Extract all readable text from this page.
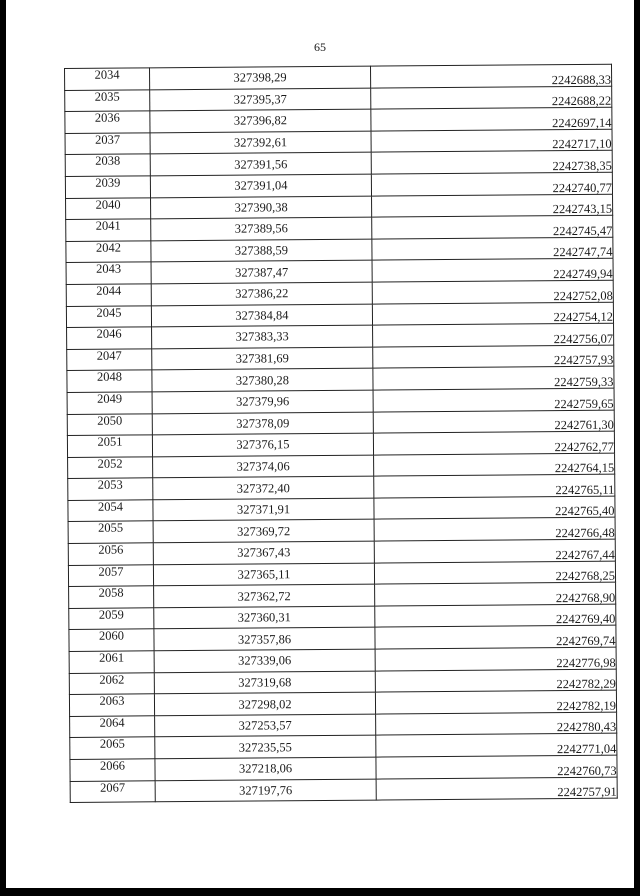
65
2034	327398,29	2242688,33
2035	327395,37	2242688,22
2036	327396,82	2242697,14
2037	327392,61	2242717,10
2038	327391,56	2242738,35
2039	327391,04	2242740,77
2040	327390,38	2242743,15
2041	327389,56	2242745,47
2042	327388,59	2242747,74
2043	327387,47	2242749,94
2044	327386,22	2242752,08
2045	327384,84	2242754,12
2046	327383,33	2242756,07
2047	327381,69	2242757,93
2048	327380,28	2242759,33
2049	327379,96	2242759,65
2050	327378,09	2242761,30
2051	327376,15	2242762,77
2052	327374,06	2242764,15
2053	327372,40	2242765,11
2054	327371,91	2242765,40
2055	327369,72	2242766,48
2056	327367,43	2242767,44
2057	327365,11	2242768,25
2058	327362,72	2242768,90
2059	327360,31	2242769,40
2060	327357,86	2242769,74
2061	327339,06	2242776,98
2062	327319,68	2242782,29
2063	327298,02	2242782,19
2064	327253,57	2242780,43
2065	327235,55	2242771,04
2066	327218,06	2242760,73
2067	327197,76	2242757,91
